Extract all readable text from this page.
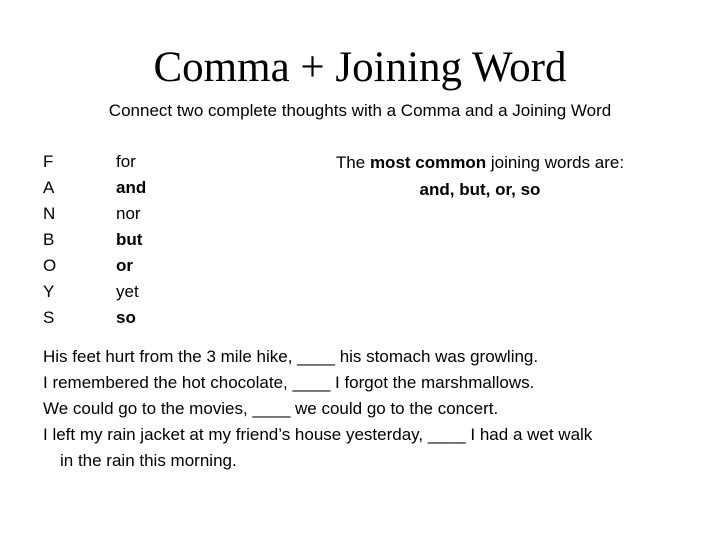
Comma + Joining Word
Connect two complete thoughts with a Comma and a Joining Word
F
A
N
B
O
Y
S
for
and
nor
but
or
yet
so
The most common joining words are:
and, but, or, so
His feet hurt from the 3 mile hike, ____ his stomach was growling.
I remembered the hot chocolate, ____ I forgot the marshmallows.
We could go to the movies, ____ we could go to the concert.
I left my rain jacket at my friend’s house yesterday, ____ I had a wet walk
in the rain this morning.
